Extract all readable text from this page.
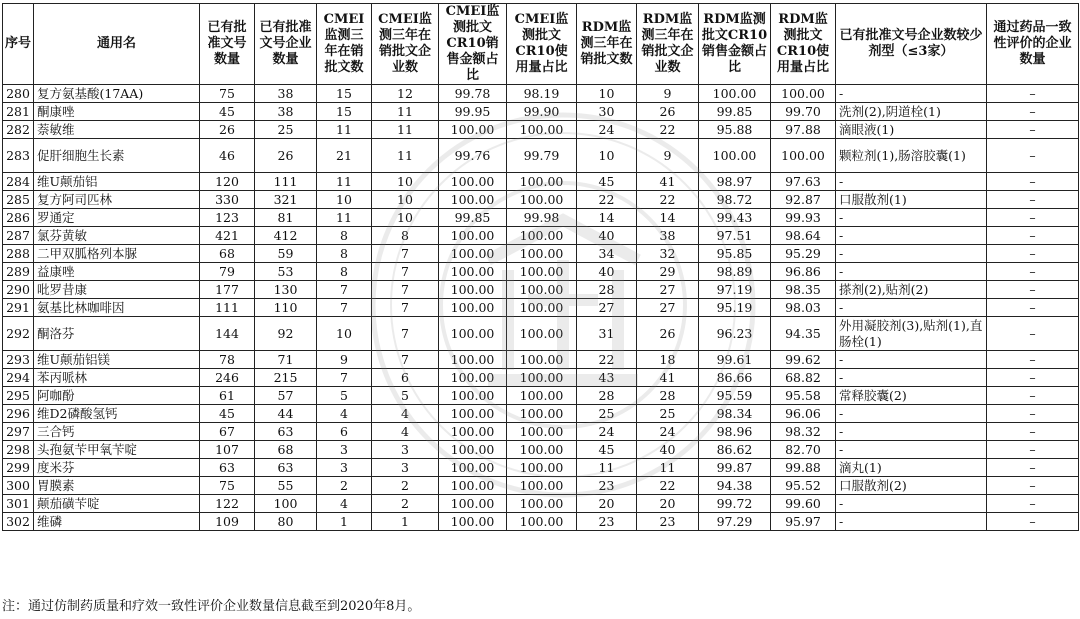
序号	通用名	已有批准文号数量	已有批准文号企业数量	CMEI监测三年在销批文数	CMEI监测三年在销批文企业数	CMEI监测批文CR10销售金额占比	CMEI监测批文CR10使用量占比	RDM监测三年在销批文数	RDM监测三年在销批文企业数	RDM监测批文CR10销售金额占比	RDM监测批文CR10使用量占比	已有批准文号企业数较少剂型（≤3家）	通过药品一致性评价的企业数量
280	复方氨基酸(17AA)	75	38	15	12	99.78	98.19	10	9	100.00	100.00	-	–
281	酮康唑	45	38	15	11	99.95	99.90	30	26	99.85	99.70	洗剂(2),阴道栓(1)	–
282	萘敏维	26	25	11	11	100.00	100.00	24	22	95.88	97.88	滴眼液(1)	–
283	促肝细胞生长素	46	26	21	11	99.76	99.79	10	9	100.00	100.00	颗粒剂(1),肠溶胶囊(1)	–
284	维U颠茄铝	120	111	11	10	100.00	100.00	45	41	98.97	97.63	-	–
285	复方阿司匹林	330	321	10	10	100.00	100.00	22	22	98.72	92.87	口服散剂(1)	–
286	罗通定	123	81	11	10	99.85	99.98	14	14	99.43	99.93	-	–
287	氯芬黄敏	421	412	8	8	100.00	100.00	40	38	97.51	98.64	-	–
288	二甲双胍格列本脲	68	59	8	7	100.00	100.00	34	32	95.85	95.29	-	–
289	益康唑	79	53	8	7	100.00	100.00	40	29	98.89	96.86	-	–
290	吡罗昔康	177	130	7	7	100.00	100.00	28	27	97.19	98.35	搽剂(2),贴剂(2)	–
291	氨基比林咖啡因	111	110	7	7	100.00	100.00	27	27	95.19	98.03	-	–
292	酮洛芬	144	92	10	7	100.00	100.00	31	26	96.23	94.35	外用凝胶剂(3),贴剂(1),直肠栓(1)	–
293	维U颠茄铝镁	78	71	9	7	100.00	100.00	22	18	99.61	99.62	-	–
294	苯丙哌林	246	215	7	6	100.00	100.00	43	41	86.66	68.82	-	–
295	阿咖酚	61	57	5	5	100.00	100.00	28	28	95.59	95.58	常释胶囊(2)	–
296	维D2磷酸氢钙	45	44	4	4	100.00	100.00	25	25	98.34	96.06	-	–
297	三合钙	67	63	6	4	100.00	100.00	24	24	98.96	98.32	-	–
298	头孢氨苄甲氧苄啶	107	68	3	3	100.00	100.00	45	40	86.62	82.70	-	–
299	度米芬	63	63	3	3	100.00	100.00	11	11	99.87	99.88	滴丸(1)	–
300	胃膜素	75	55	2	2	100.00	100.00	23	22	94.38	95.52	口服散剂(2)	–
301	颠茄磺苄啶	122	100	4	2	100.00	100.00	20	20	99.72	99.60	-	–
302	维磷	109	80	1	1	100.00	100.00	23	23	97.29	95.97	-	–
注：通过仿制药质量和疗效一致性评价企业数量信息截至到2020年8月。
